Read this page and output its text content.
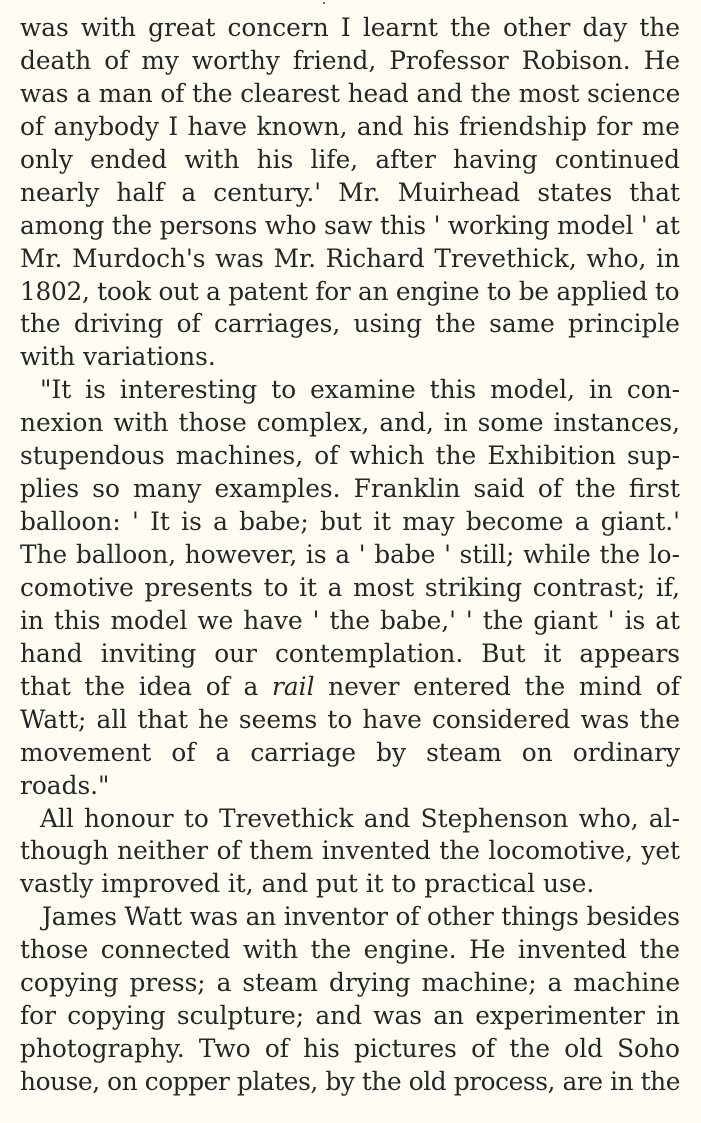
was with great concern I learnt the other day the
death of my worthy friend, Professor Robison. He
was a man of the clearest head and the most science
of anybody I have known, and his friendship for me
only ended with his life, after having continued
nearly half a century.' Mr. Muirhead states that
among the persons who saw this ' working model ' at
Mr. Murdoch's was Mr. Richard Trevethick, who, in
1802, took out a patent for an engine to be applied to
the driving of carriages, using the same principle
with variations.
"It is interesting to examine this model, in con-
nexion with those complex, and, in some instances,
stupendous machines, of which the Exhibition sup-
plies so many examples. Franklin said of the first
balloon: ' It is a babe; but it may become a giant.'
The balloon, however, is a ' babe ' still; while the lo-
comotive presents to it a most striking contrast; if,
in this model we have ' the babe,' ' the giant ' is at
hand inviting our contemplation. But it appears
that the idea of a rail never entered the mind of
Watt; all that he seems to have considered was the
movement of a carriage by steam on ordinary
roads."
All honour to Trevethick and Stephenson who, al-
though neither of them invented the locomotive, yet
vastly improved it, and put it to practical use.
James Watt was an inventor of other things besides
those connected with the engine. He invented the
copying press; a steam drying machine; a machine
for copying sculpture; and was an experimenter in
photography. Two of his pictures of the old Soho
house, on copper plates, by the old process, are in the
